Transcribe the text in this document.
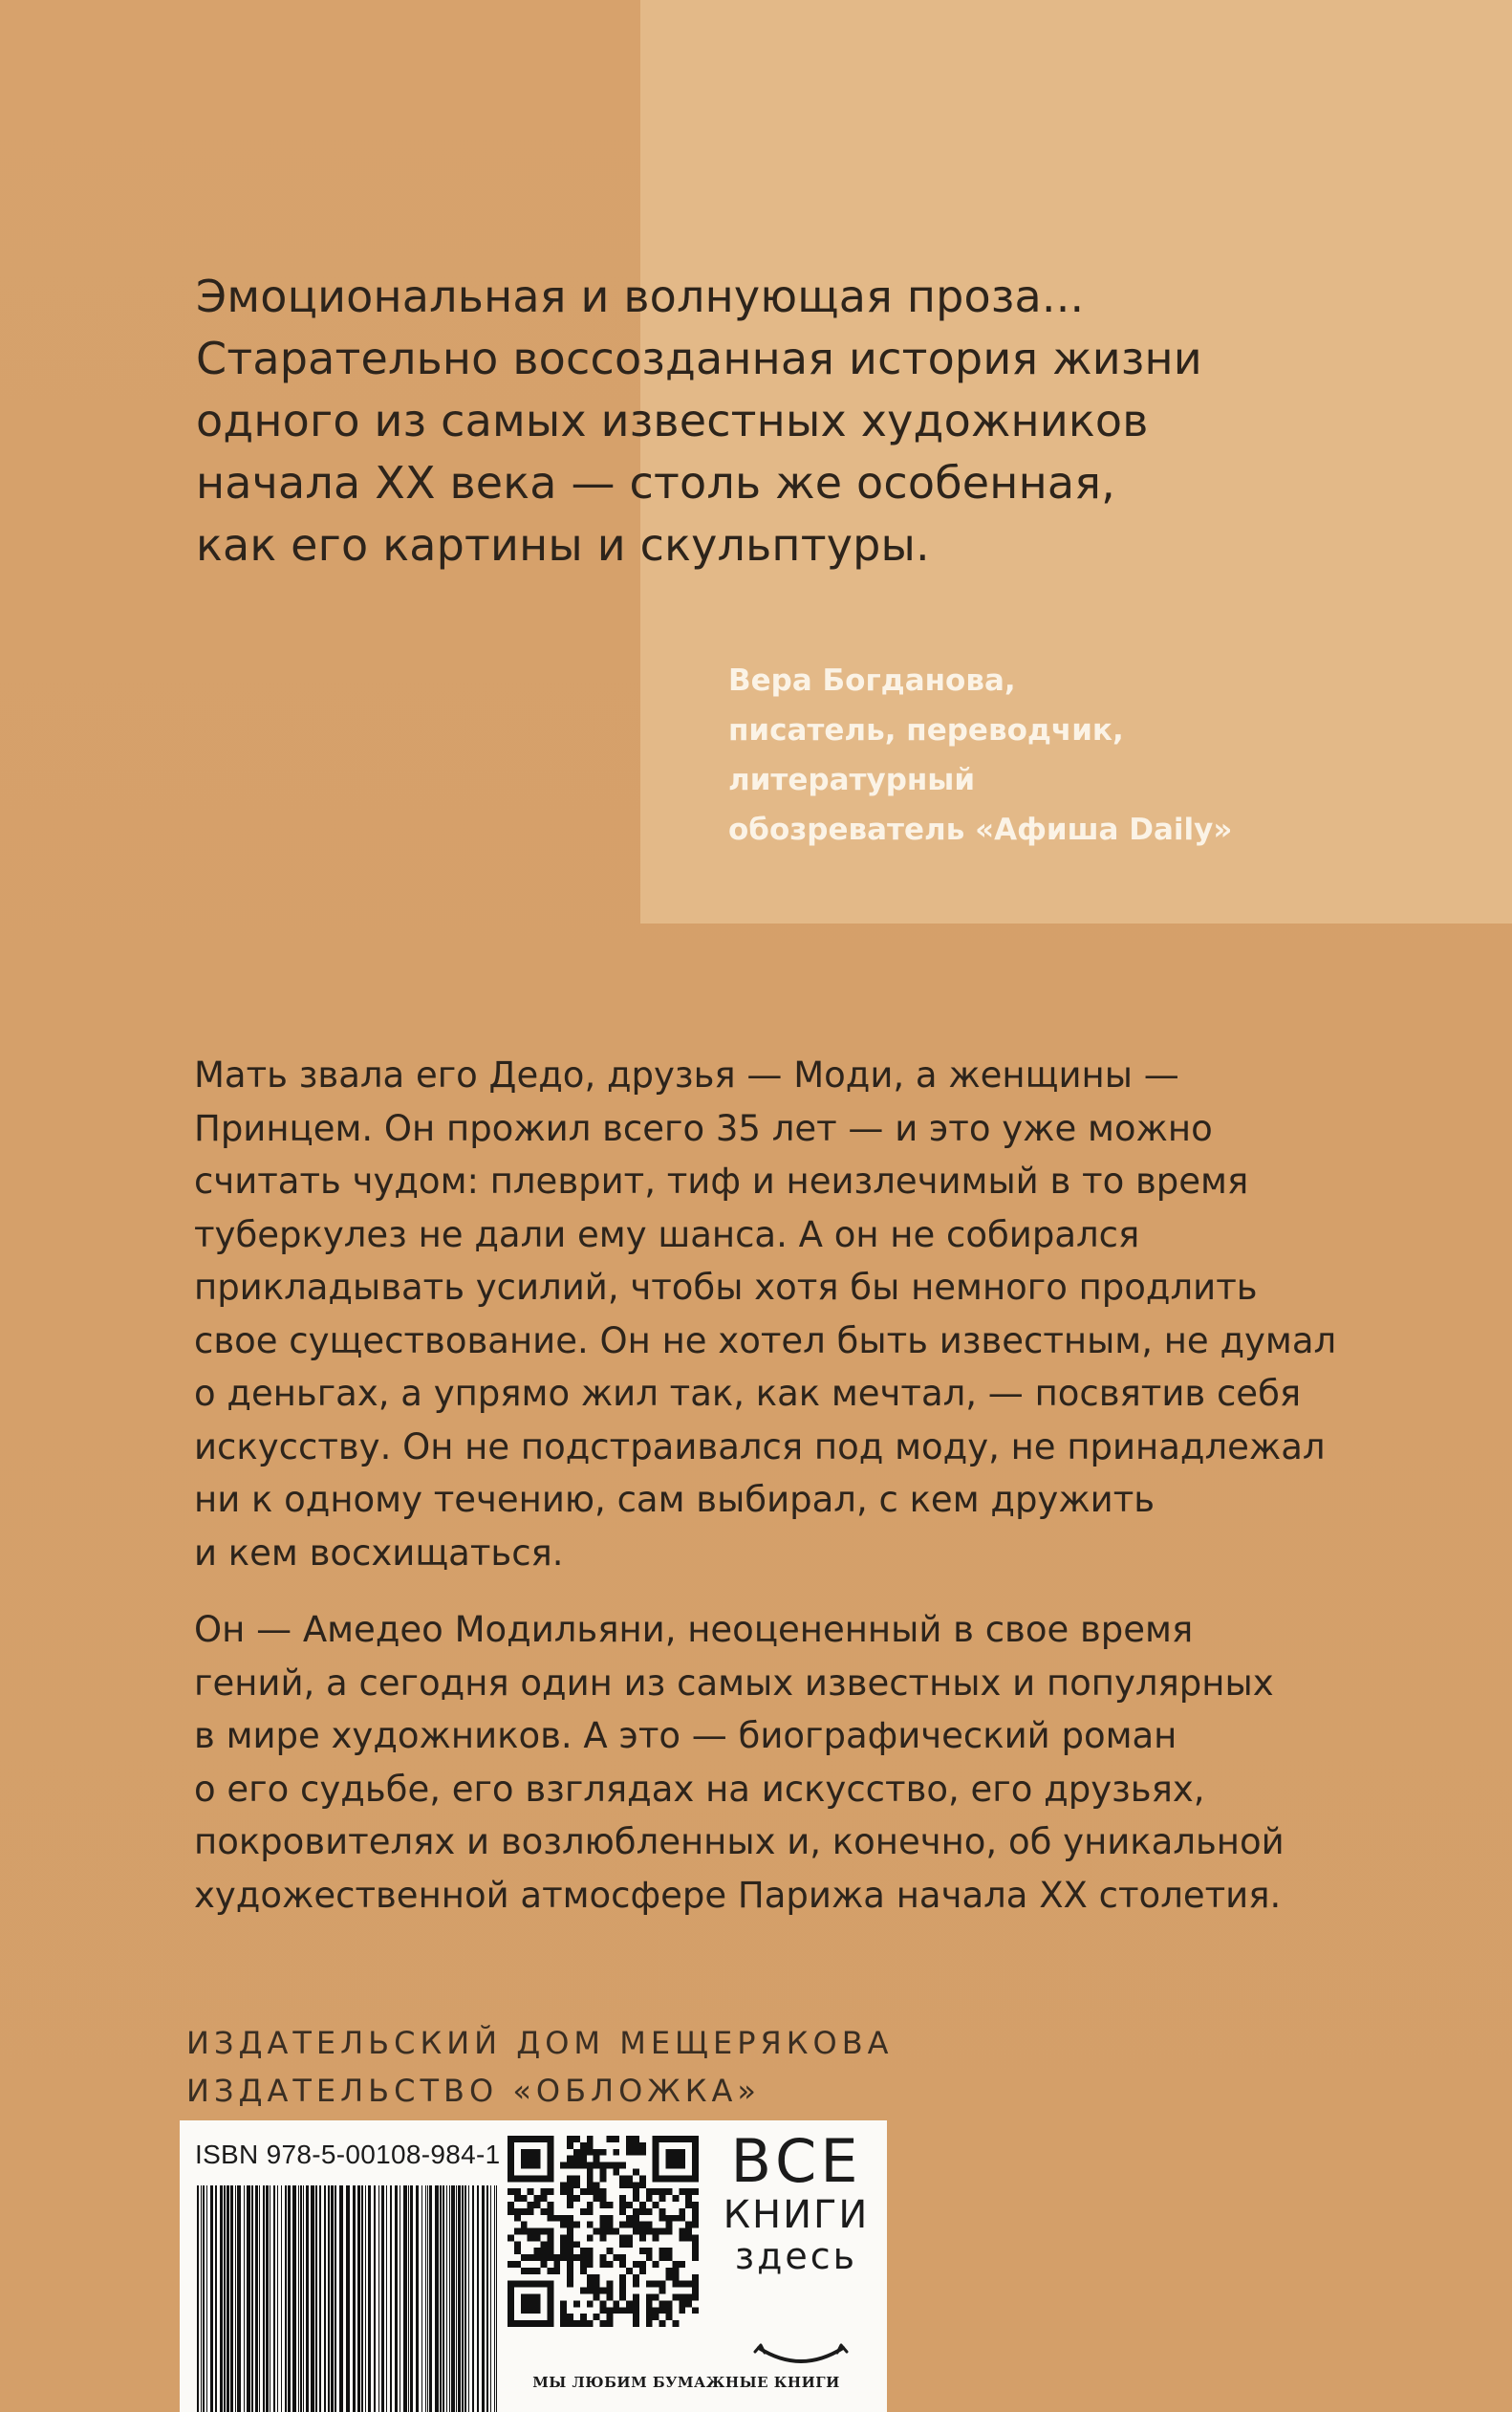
Эмоциональная и волнующая проза...
Старательно воссозданная история жизни
одного из самых известных художников
начала XX века — столь же особенная,
как его картины и скульптуры.
Вера Богданова,
писатель, переводчик,
литературный
обозреватель «Афиша Daily»
Мать звала его Дедо, друзья — Моди, а женщины —
Принцем. Он прожил всего 35 лет — и это уже можно
считать чудом: плеврит, тиф и неизлечимый в то время
туберкулез не дали ему шанса. А он не собирался
прикладывать усилий, чтобы хотя бы немного продлить
свое существование. Он не хотел быть известным, не думал
о деньгах, а упрямо жил так, как мечтал, — посвятив себя
искусству. Он не подстраивался под моду, не принадлежал
ни к одному течению, сам выбирал, с кем дружить
и кем восхищаться.
Он — Амедео Модильяни, неоцененный в свое время
гений, а сегодня один из самых известных и популярных
в мире художников. А это — биографический роман
о его судьбе, его взглядах на искусство, его друзьях,
покровителях и возлюбленных и, конечно, об уникальной
художественной атмосфере Парижа начала XX столетия.
ИЗДАТЕЛЬСКИЙ ДОМ МЕЩЕРЯКОВА
ИЗДАТЕЛЬСТВО «ОБЛОЖКА»
ISBN 978-5-00108-984-1	ВСЕ
КНИГИ
здесь
МЫ ЛЮБИМ БУМАЖНЫЕ КНИГИ
